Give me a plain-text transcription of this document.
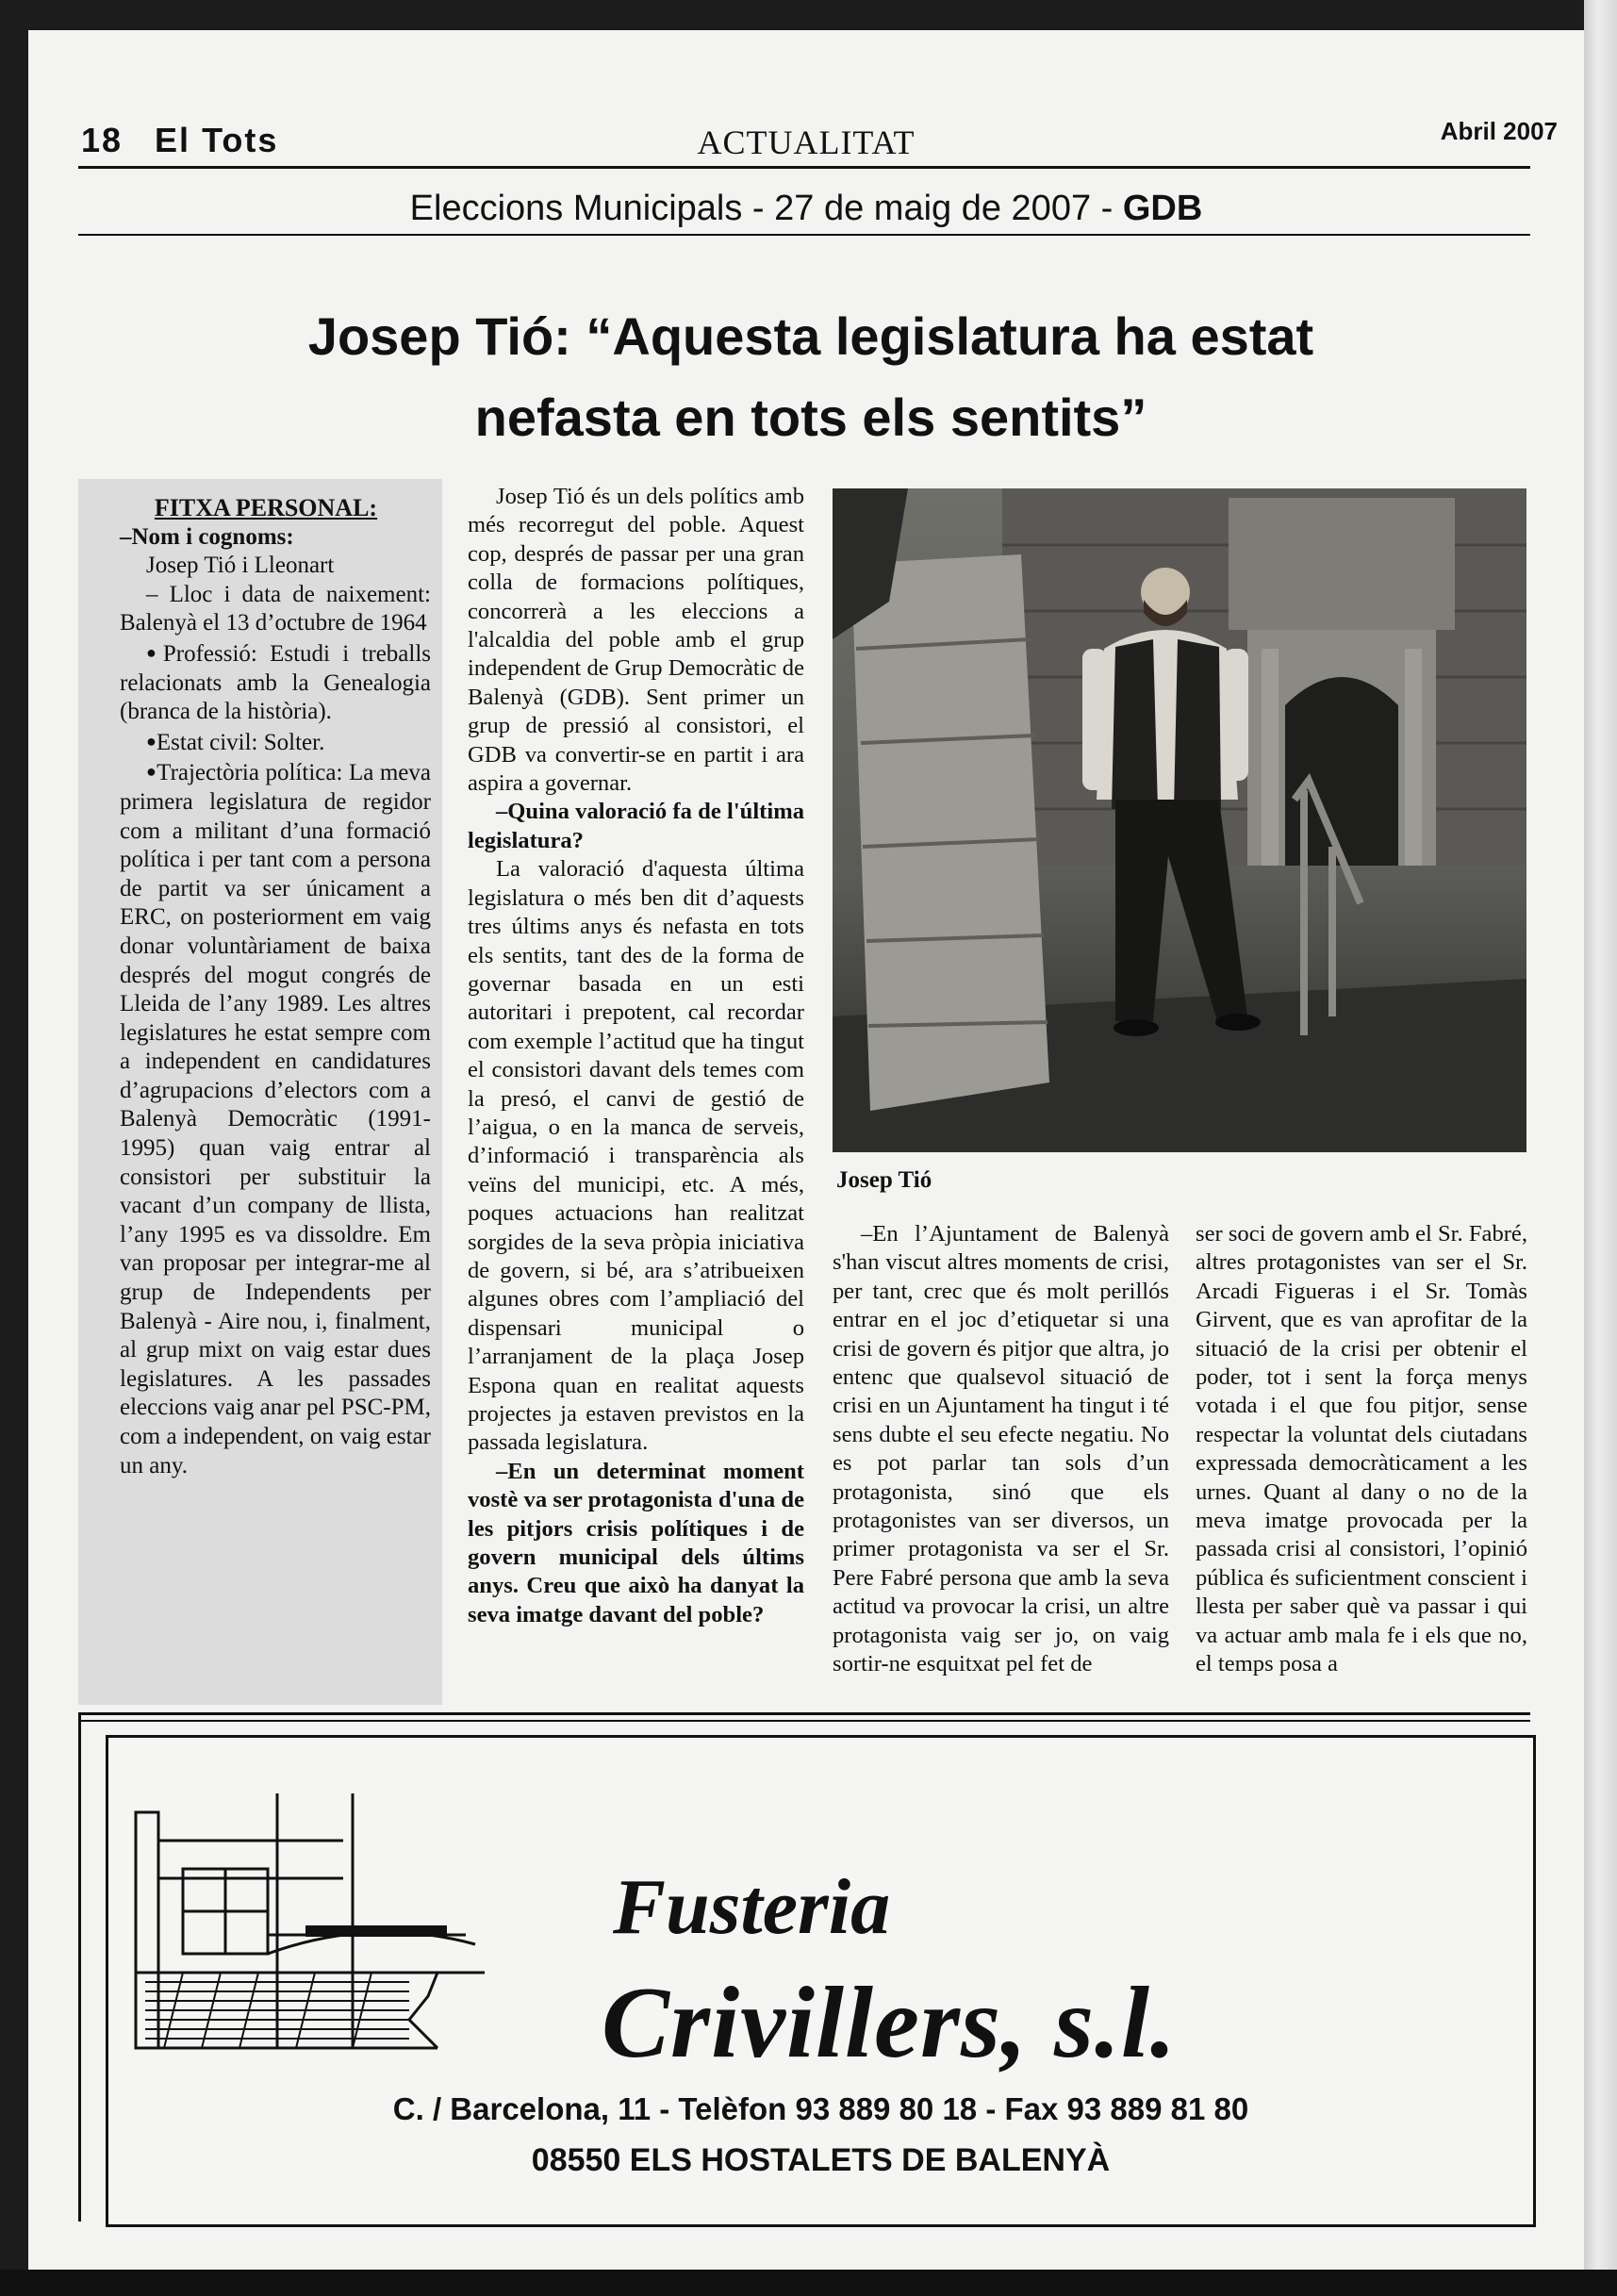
18 El Tots	ACTUALITAT	Abril 2007
Eleccions Municipals - 27 de maig de 2007 - GDB
Josep Tió: “Aquesta legislatura ha estat
nefasta en tots els sentits”
FITXA PERSONAL:
–Nom i cognoms:

Josep Tió i Lleonart

– Lloc i data de naixement: Balenyà el 13 d’octubre de 1964

● Professió: Estudi i treballs relacionats amb la Genealogia (branca de la història).

● Estat civil: Solter.

● Trajectòria política: La meva primera legislatura de regidor com a militant d’una formació política i per tant com a persona de partit va ser únicament a ERC, on posteriorment em vaig donar voluntàriament de baixa després del mogut congrés de Lleida de l’any 1989. Les altres legislatures he estat sempre com a independent en candidatures d’agrupacions d’electors com a Balenyà Democràtic (1991-1995) quan vaig entrar al consistori per substituir la vacant d’un company de llista, l’any 1995 es va dissoldre. Em van proposar per integrar-me al grup de Independents per Balenyà - Aire nou, i, finalment, al grup mixt on vaig estar dues legislatures. A les passades eleccions vaig anar pel PSC-PM, com a independent, on vaig estar un any.

Josep Tió és un dels polítics amb més recorregut del poble. Aquest cop, després de passar per una gran colla de formacions polítiques, concorrerà a les eleccions a l'alcaldia del poble amb el grup independent de Grup Democràtic de Balenyà (GDB). Sent primer un grup de pressió al consistori, el GDB va convertir-se en partit i ara aspira a governar.

–Quina valoració fa de l'última legislatura?

La valoració d'aquesta última legislatura o més ben dit d’aquests tres últims anys és nefasta en tots els sentits, tant des de la forma de governar basada en un esti autoritari i prepotent, cal recordar com exemple l’actitud que ha tingut el consistori davant dels temes com la presó, el canvi de gestió de l’aigua, o en la manca de serveis, d’informació i transparència als veïns del municipi, etc. A més, poques actuacions han realitzat sorgides de la seva pròpia iniciativa de govern, si bé, ara s’atribueixen algunes obres com l’ampliació del dispensari municipal o l’arranjament de la plaça Josep Espona quan en realitat aquests projectes ja estaven previstos en la passada legislatura.

–En un determinat moment vostè va ser protagonista d'una de les pitjors crisis polítiques i de govern municipal dels últims anys. Creu que això ha danyat la seva imatge davant del poble?
Josep Tió

–En l’Ajuntament de Balenyà s'han viscut altres moments de crisi, per tant, crec que és molt perillós entrar en el joc d’etiquetar si una crisi de govern és pitjor que altra, jo entenc que qualsevol situació de crisi en un Ajuntament ha tingut i té sens dubte el seu efecte negatiu. No es pot parlar tan sols d’un protagonista, sinó que els protagonistes van ser diversos, un primer protagonista va ser el Sr. Pere Fabré persona que amb la seva actitud va provocar la crisi, un altre protagonista vaig ser jo, on vaig sortir-ne esquitxat pel fet de

ser soci de govern amb el Sr. Fabré, altres protagonistes van ser el Sr. Arcadi Figueras i el Sr. Tomàs Girvent, que es van aprofitar de la situació de la crisi per obtenir el poder, tot i sent la força menys votada i el que fou pitjor, sense respectar la voluntat dels ciutadans expressada democràticament a les urnes. Quant al dany o no de la meva imatge provocada per la passada crisi al consistori, l’opinió pública és suficientment conscient i llesta per saber què va passar i qui va actuar amb mala fe i els que no, el temps posa a

Fusteria
Crivillers, s.l.
C. / Barcelona, 11 - Telèfon 93 889 80 18 - Fax 93 889 81 80
08550 ELS HOSTALETS DE BALENYÀ
